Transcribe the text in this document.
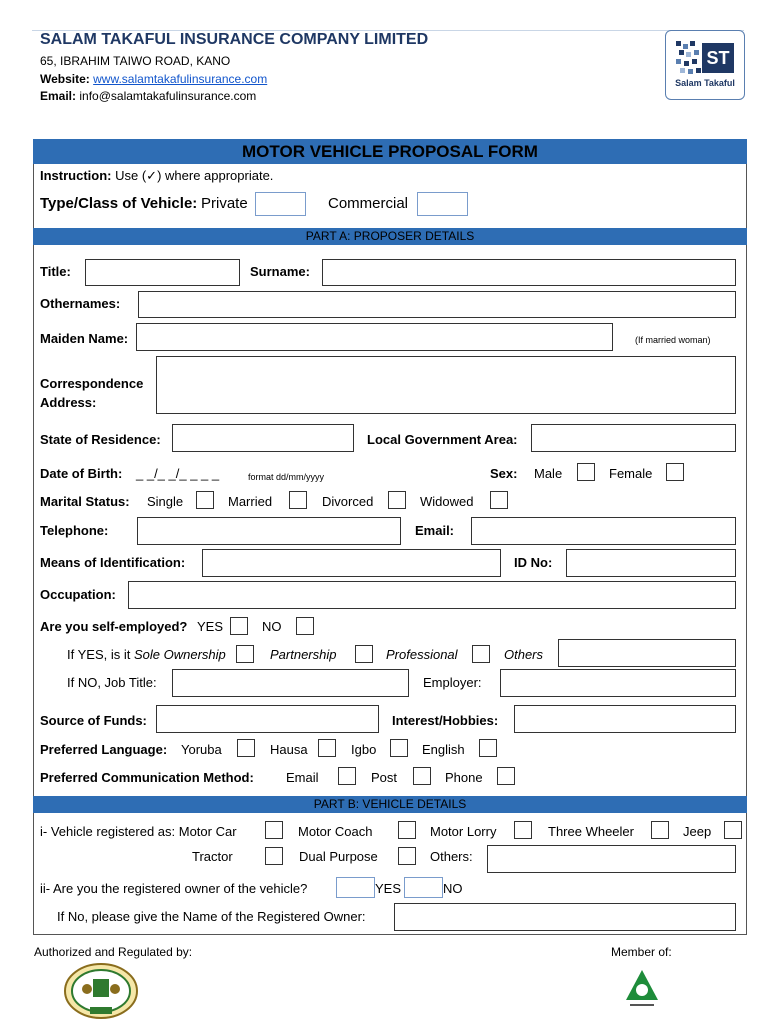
SALAM TAKAFUL INSURANCE COMPANY LIMITED
65, IBRAHIM TAIWO ROAD, KANO
Website: www.salamtakafulinsurance.com
Email: info@salamtakafulinsurance.com
ST
Salam Takaful
MOTOR VEHICLE PROPOSAL FORM
Instruction: Use (✓) where appropriate.
Type/Class of Vehicle: Private	Commercial
PART A: PROPOSER DETAILS
Title:	Surname:
Othernames:
Maiden Name:	(If married woman)
Correspondence
Address:
State of Residence:	Local Government Area:
Date of Birth: _ _/_ _/_ _ _ _	format dd/mm/yyyy	Sex: Male	Female
Marital Status: Single	Married	Divorced	Widowed
Telephone:	Email:
Means of Identification:	ID No:
Occupation:
Are you self-employed? YES	NO
If YES, is it Sole Ownership	Partnership	Professional	Others
If NO, Job Title:	Employer:
Source of Funds:	Interest/Hobbies:
Preferred Language: Yoruba	Hausa	Igbo	English
Preferred Communication Method: Email	Post	Phone
PART B: VEHICLE DETAILS
i- Vehicle registered as: Motor Car	Motor Coach	Motor Lorry	Three Wheeler	Jeep
Tractor	Dual Purpose	Others:
ii- Are you the registered owner of the vehicle?	YES	NO
If No, please give the Name of the Registered Owner:
Authorized and Regulated by:	Member of:
